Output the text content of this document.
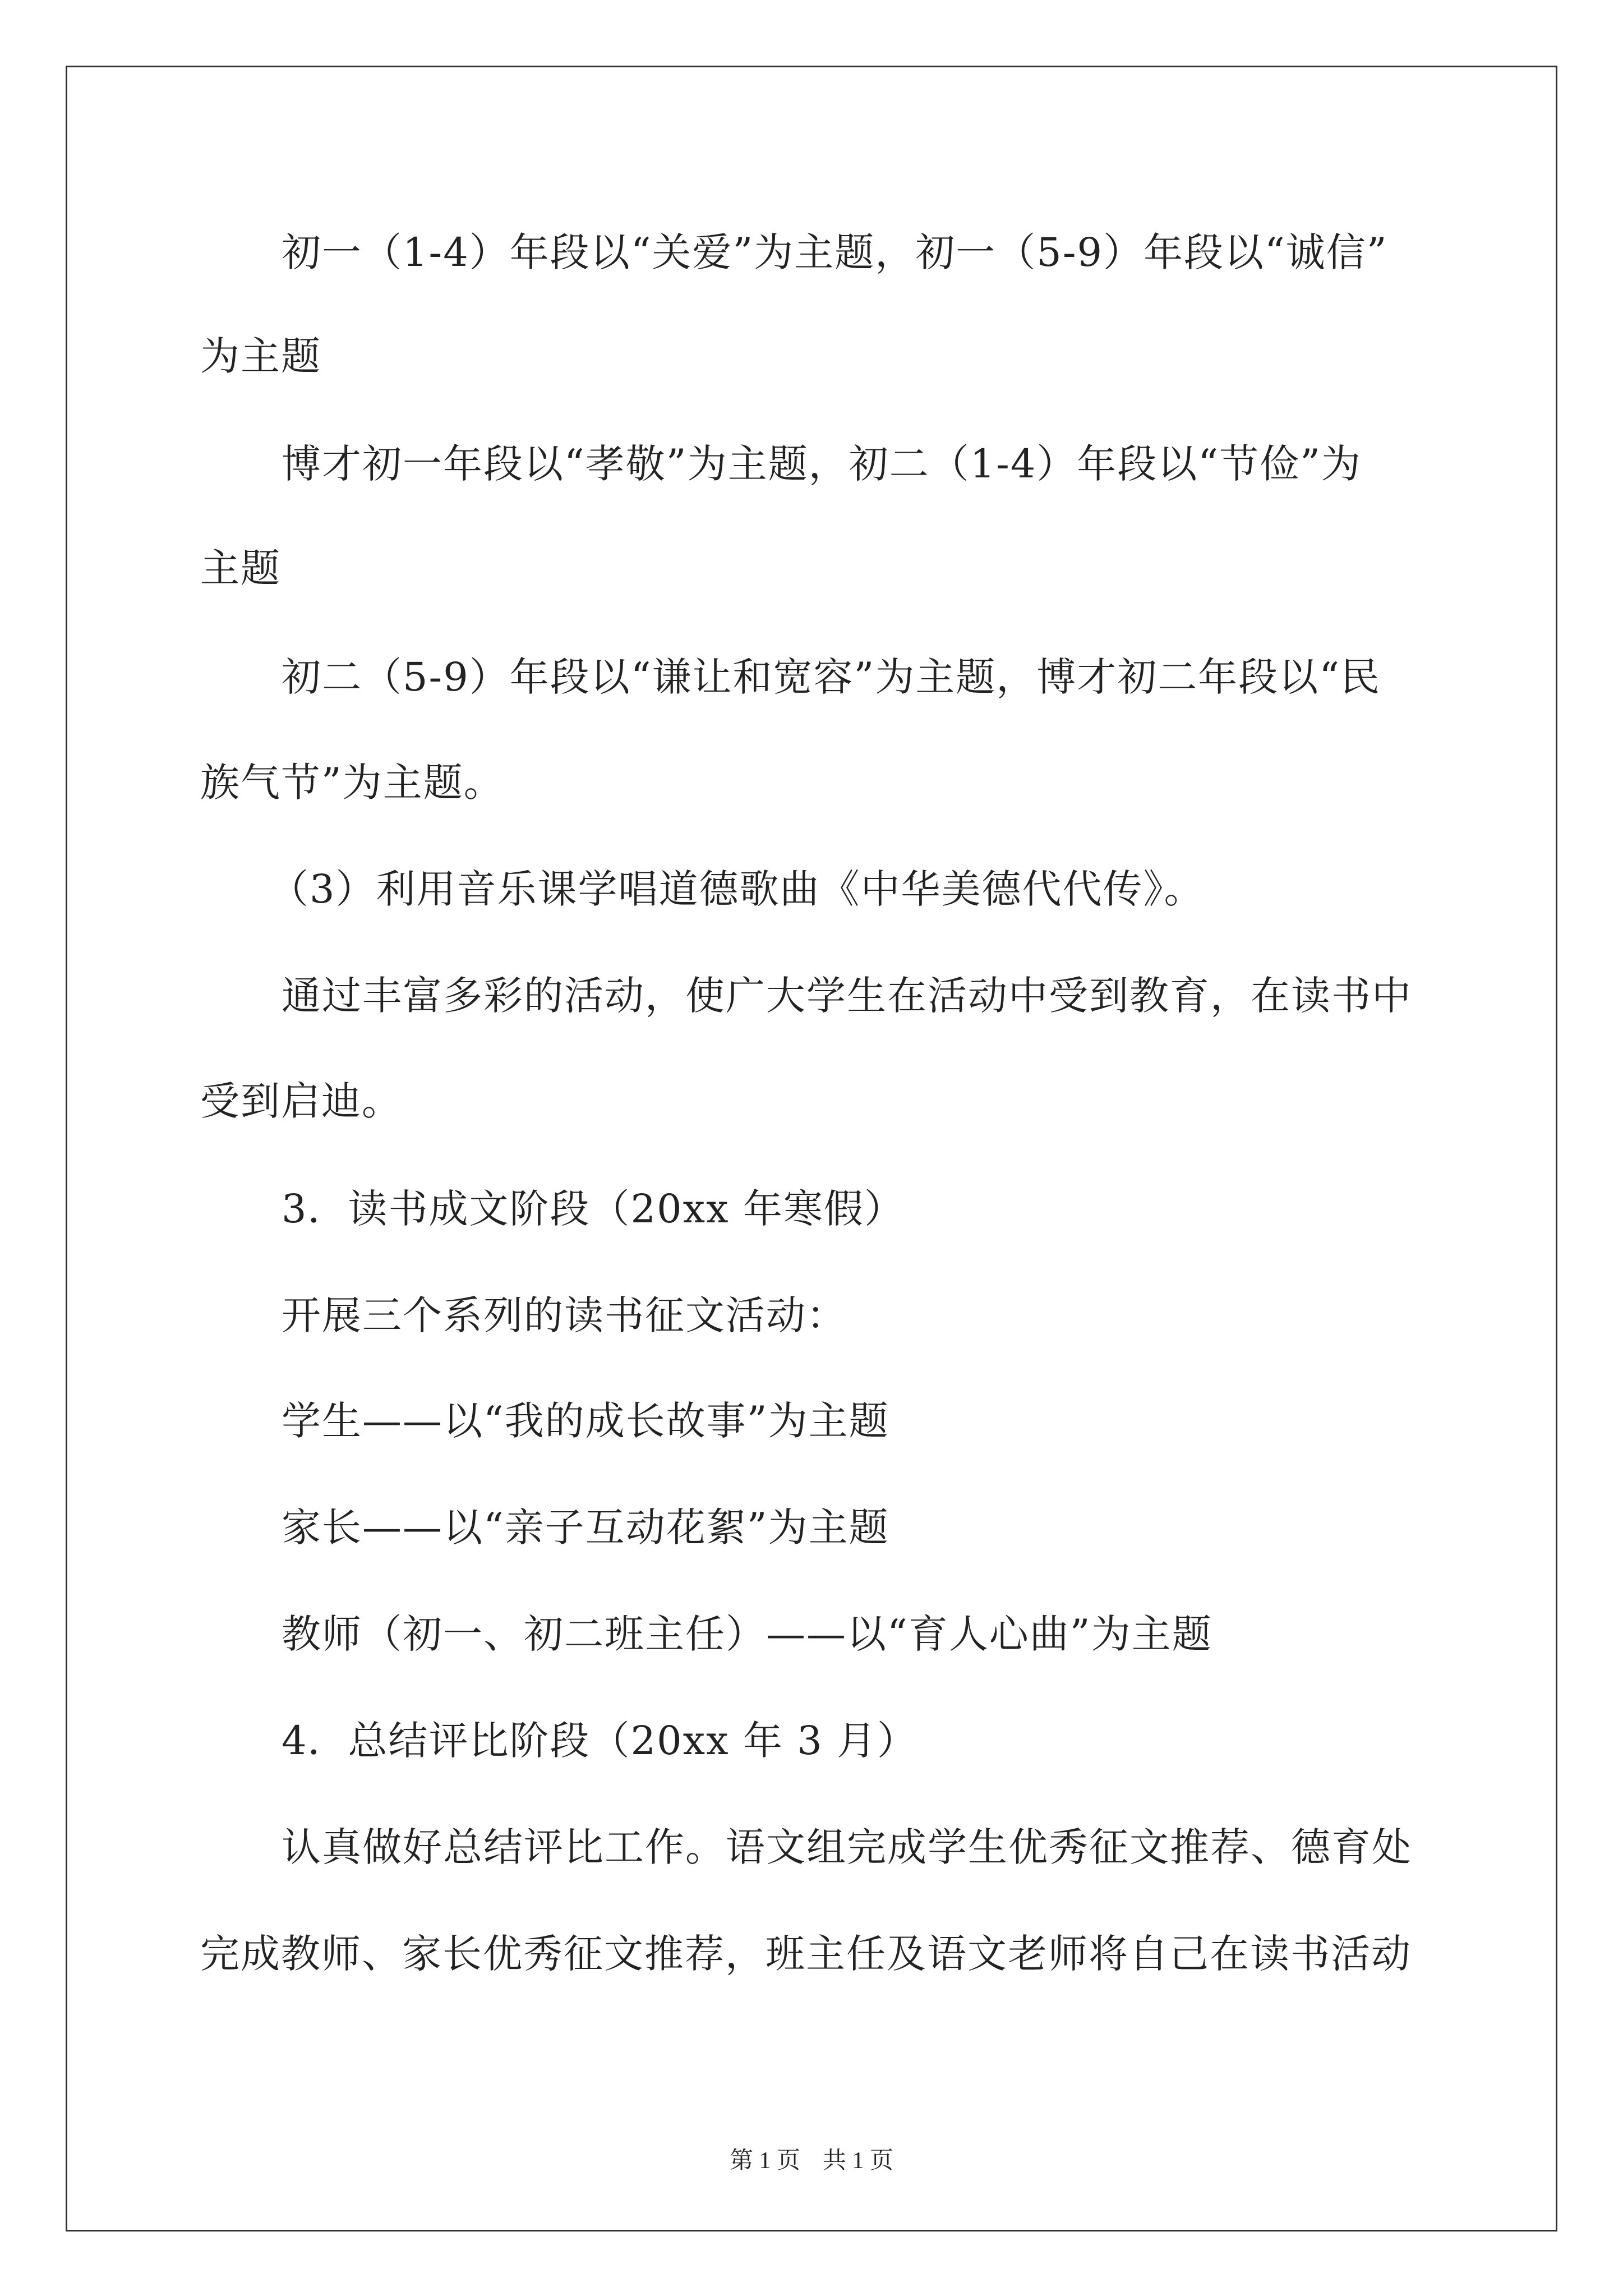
初一（1-4）年段以“关爱”为主题，初一（5-9）年段以“诚信”
为主题
博才初一年段以“孝敬”为主题，初二（1-4）年段以“节俭”为
主题
初二（5-9）年段以“谦让和宽容”为主题，博才初二年段以“民
族气节”为主题。
（3）利用音乐课学唱道德歌曲《中华美德代代传》。
通过丰富多彩的活动，使广大学生在活动中受到教育，在读书中
受到启迪。
3．读书成文阶段（20xx 年寒假）
开展三个系列的读书征文活动：
学生——以“我的成长故事”为主题
家长——以“亲子互动花絮”为主题
教师（初一、初二班主任）——以“育人心曲”为主题
4．总结评比阶段（20xx 年 3 月）
认真做好总结评比工作。语文组完成学生优秀征文推荐、德育处
完成教师、家长优秀征文推荐，班主任及语文老师将自己在读书活动
第 1 页 共 1 页
